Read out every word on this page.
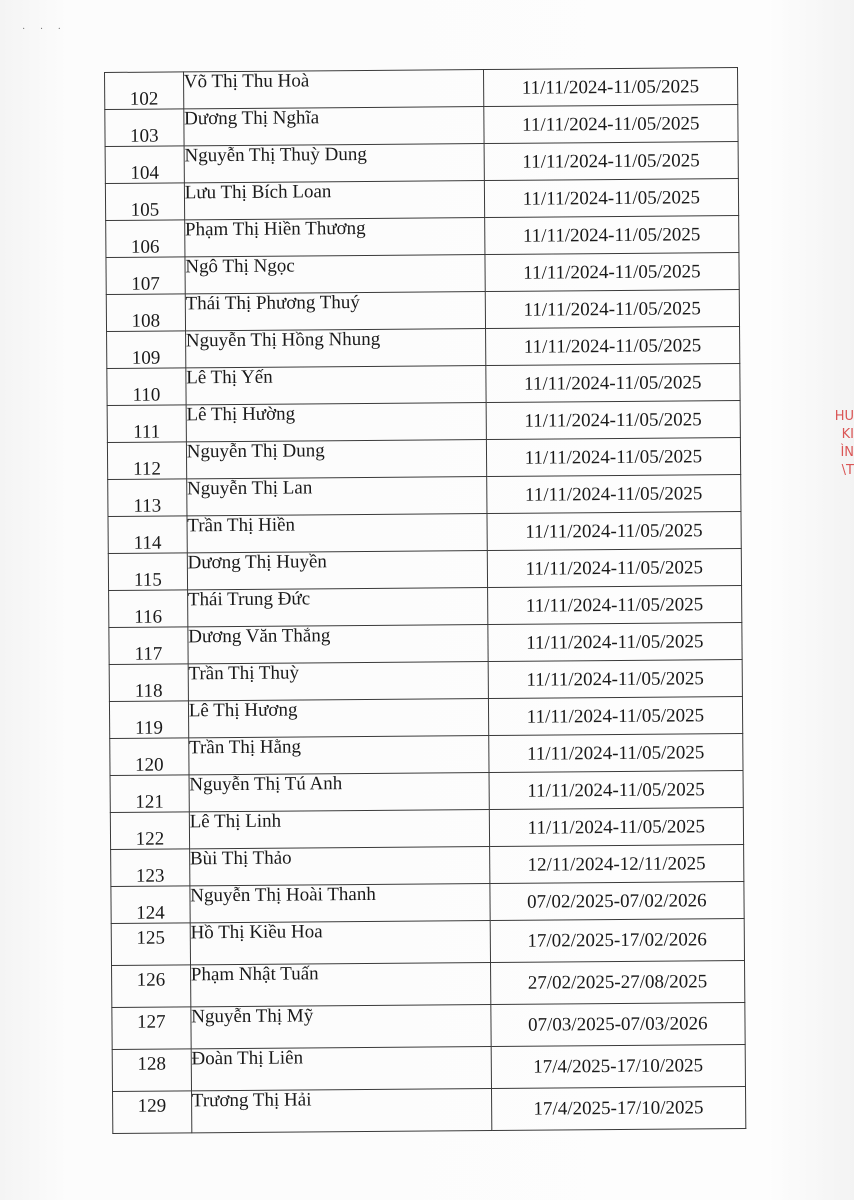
· · ·
102	Võ Thị Thu Hoà	11/11/2024-11/05/2025
103	Dương Thị Nghĩa	11/11/2024-11/05/2025
104	Nguyễn Thị Thuỳ Dung	11/11/2024-11/05/2025
105	Lưu Thị Bích Loan	11/11/2024-11/05/2025
106	Phạm Thị Hiền Thương	11/11/2024-11/05/2025
107	Ngô Thị Ngọc	11/11/2024-11/05/2025
108	Thái Thị Phương Thuý	11/11/2024-11/05/2025
109	Nguyễn Thị Hồng Nhung	11/11/2024-11/05/2025
110	Lê Thị Yến	11/11/2024-11/05/2025
111	Lê Thị Hường	11/11/2024-11/05/2025
112	Nguyễn Thị Dung	11/11/2024-11/05/2025
113	Nguyễn Thị Lan	11/11/2024-11/05/2025
114	Trần Thị Hiền	11/11/2024-11/05/2025
115	Dương Thị Huyền	11/11/2024-11/05/2025
116	Thái Trung Đức	11/11/2024-11/05/2025
117	Dương Văn Thắng	11/11/2024-11/05/2025
118	Trần Thị Thuỳ	11/11/2024-11/05/2025
119	Lê Thị Hương	11/11/2024-11/05/2025
120	Trần Thị Hằng	11/11/2024-11/05/2025
121	Nguyễn Thị Tú Anh	11/11/2024-11/05/2025
122	Lê Thị Linh	11/11/2024-11/05/2025
123	Bùi Thị Thảo	12/11/2024-12/11/2025
124	Nguyễn Thị Hoài Thanh	07/02/2025-07/02/2026
125	Hồ Thị Kiều Hoa	17/02/2025-17/02/2026
126	Phạm Nhật Tuấn	27/02/2025-27/08/2025
127	Nguyễn Thị Mỹ	07/03/2025-07/03/2026
128	Đoàn Thị Liên	17/4/2025-17/10/2025
129	Trương Thị Hải	17/4/2025-17/10/2025
HU
KI
ÌN
\T
